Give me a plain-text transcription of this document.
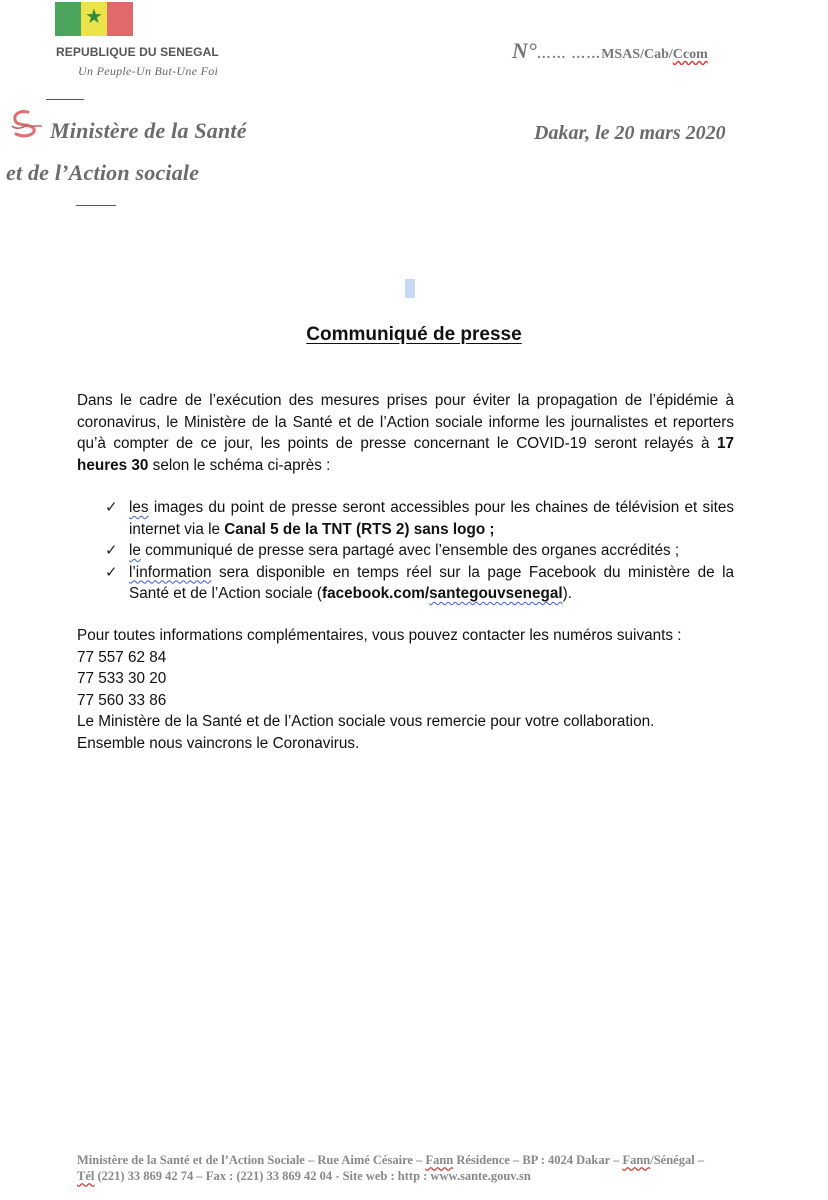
★
REPUBLIQUE DU SENEGAL
Un Peuple-Un But-Une Foi
Ministère de la Santé
et de l’Action sociale
N°…… ……MSAS/Cab/Ccom
Dakar, le 20 mars 2020
Communiqué de presse
Dans le cadre de l’exécution des mesures prises pour éviter la propagation de l’épidémie à coronavirus, le Ministère de la Santé et de l’Action sociale informe les journalistes et reporters qu’à compter de ce jour, les points de presse concernant le COVID-19 seront relayés à 17 heures 30 selon le schéma ci-après :
✓ les images du point de presse seront accessibles pour les chaines de télévision et sites internet via le Canal 5 de la TNT (RTS 2) sans logo ;
✓ le communiqué de presse sera partagé avec l’ensemble des organes accrédités ;
✓ l’information sera disponible en temps réel sur la page Facebook du ministère de la Santé et de l’Action sociale (facebook.com/santegouvsenegal).
Pour toutes informations complémentaires, vous pouvez contacter les numéros suivants :
77 557 62 84
77 533 30 20
77 560 33 86
Le Ministère de la Santé et de l’Action sociale vous remercie pour votre collaboration.
Ensemble nous vaincrons le Coronavirus.
Ministère de la Santé et de l’Action Sociale – Rue Aimé Césaire – Fann Résidence – BP : 4024 Dakar – Fann/Sénégal –
Tél (221) 33 869 42 74 – Fax : (221) 33 869 42 04 - Site web : http : www.sante.gouv.sn
